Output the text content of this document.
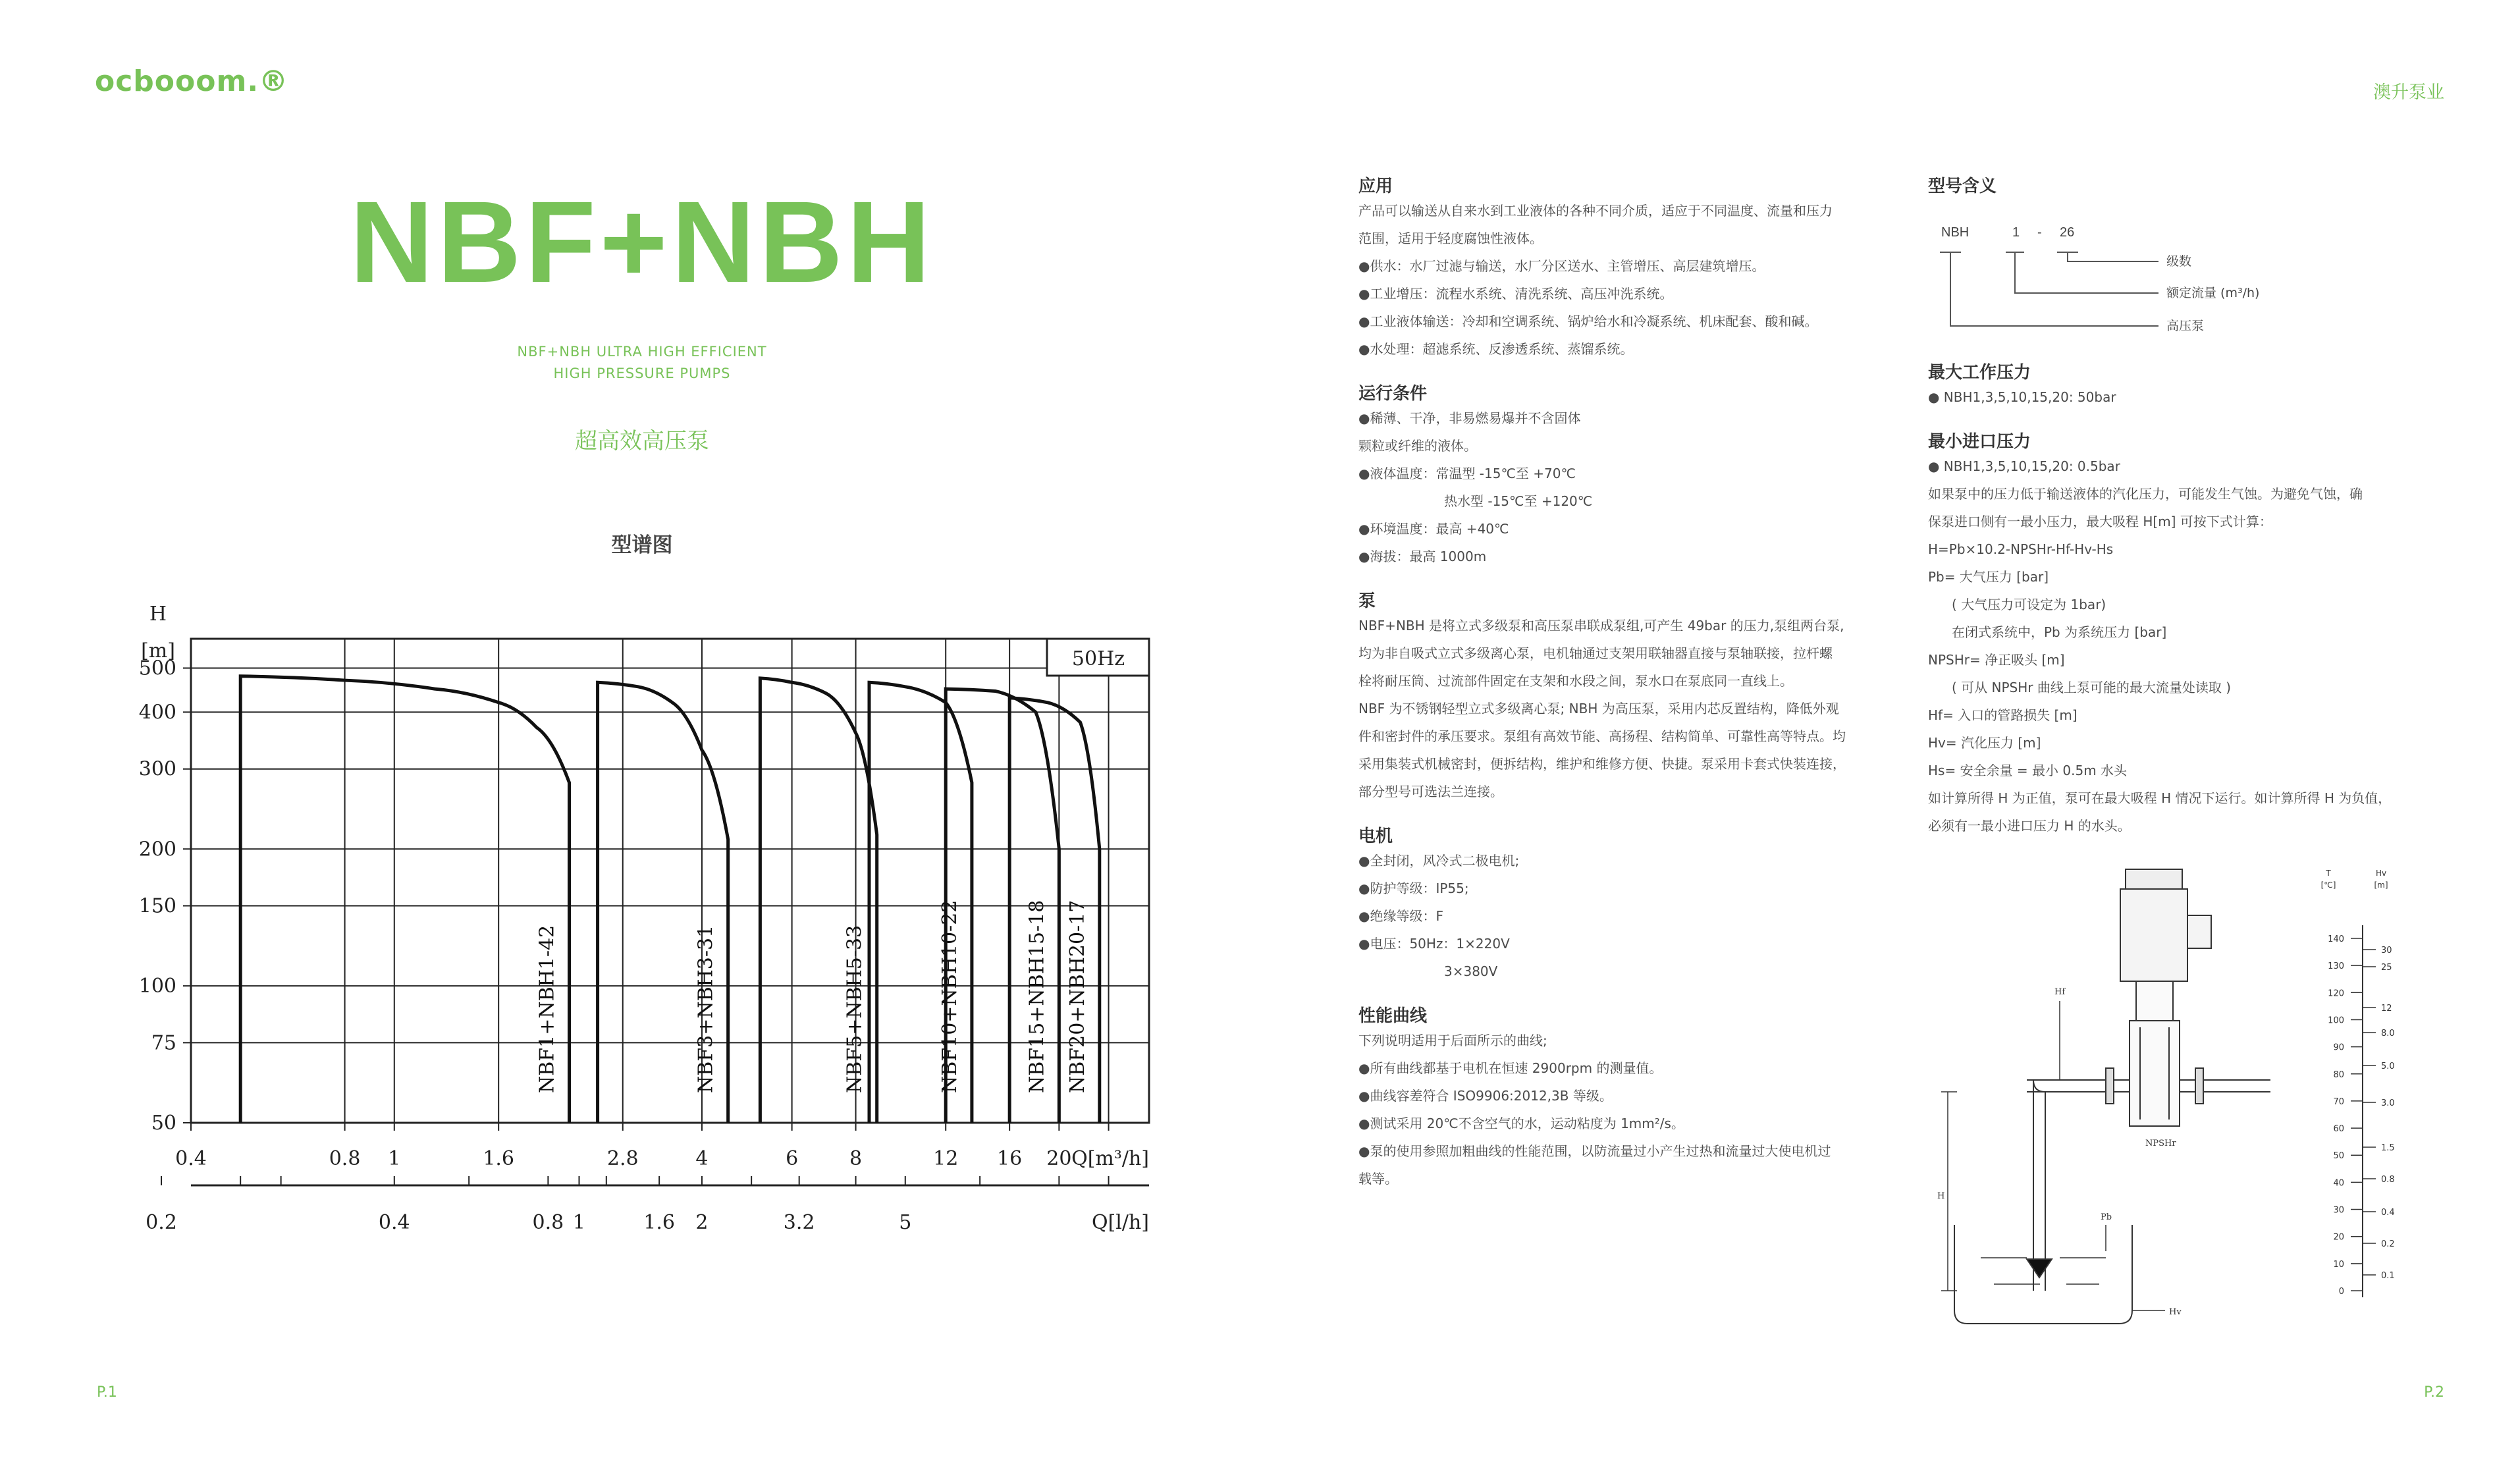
ocbooom.®	澳升泵业
P.1	P.2
NBF+NBH
NBF+NBH ULTRA HIGH EFFICIENT
HIGH PRESSURE PUMPS
超高效高压泵
型谱图
50
75
100
150
200
300
400
500
0.4	0.8 1	1.6	2.8	4	6	8	12 16 20 Q[m³/h]
H
[m]	50Hz
0.2	0.4	0.8 1	1.6 2	3.2	5	Q[l/h]
NBF1+NBH1-42	NBF3+NBH3-31	NBF5+NBH5-33	NBF10+NBH10-22	NBF15+NBH15-18 NBF20+NBH20-17
应用
产品可以输送从自来水到工业液体的各种不同介质，适应于不同温度、流量和压力
范围，适用于轻度腐蚀性液体。
●供水：水厂过滤与输送，水厂分区送水、主管增压、高层建筑增压。
●工业增压：流程水系统、清洗系统、高压冲洗系统。
●工业液体输送：冷却和空调系统、锅炉给水和冷凝系统、机床配套、酸和碱。
●水处理：超滤系统、反渗透系统、蒸馏系统。
运行条件
●稀薄、干净，非易燃易爆并不含固体
颗粒或纤维的液体。
●液体温度：常温型 -15℃至 +70℃
热水型 -15℃至 +120℃
●环境温度：最高 +40℃
●海拔：最高 1000m
泵
NBF+NBH 是将立式多级泵和高压泵串联成泵组,可产生 49bar 的压力,泵组两台泵,
均为非自吸式立式多级离心泵，电机轴通过支架用联轴器直接与泵轴联接，拉杆螺
栓将耐压筒、过流部件固定在支架和水段之间，泵水口在泵底同一直线上。
NBF 为不锈钢轻型立式多级离心泵; NBH 为高压泵，采用内芯反置结构，降低外观
件和密封件的承压要求。泵组有高效节能、高扬程、结构简单、可靠性高等特点。均
采用集装式机械密封，便拆结构，维护和维修方便、快捷。泵采用卡套式快装连接，
部分型号可选法兰连接。
电机
●全封闭，风冷式二极电机;
●防护等级：IP55;
●绝缘等级：F
●电压：50Hz：1×220V
3×380V
性能曲线
下列说明适用于后面所示的曲线;
●所有曲线都基于电机在恒速 2900rpm 的测量值。
●曲线容差符合 ISO9906:2012,3B 等级。
●测试采用 20℃不含空气的水，运动粘度为 1mm²/s。
●泵的使用参照加粗曲线的性能范围，以防流量过小产生过热和流量过大使电机过
载等。
型号含义
NBH	1 - 26
级数
额定流量 (m³/h)
高压泵
最大工作压力
● NBH1,3,5,10,15,20: 50bar
最小进口压力
● NBH1,3,5,10,15,20: 0.5bar
如果泵中的压力低于输送液体的汽化压力，可能发生气蚀。为避免气蚀，确
保泵进口侧有一最小压力，最大吸程 H[m] 可按下式计算：
H=Pb×10.2-NPSHr-Hf-Hv-Hs
Pb= 大气压力 [bar]
( 大气压力可设定为 1bar)
在闭式系统中，Pb 为系统压力 [bar]
NPSHr= 净正吸头 [m]
( 可从 NPSHr 曲线上泵可能的最大流量处读取 )
Hf= 入口的管路损失 [m]
Hv= 汽化压力 [m]
Hs= 安全余量 = 最小 0.5m 水头
如计算所得 H 为正值，泵可在最大吸程 H 情况下运行。如计算所得 H 为负值，
必须有一最小进口压力 H 的水头。
Hf
H
NPSHr
Pb
Hv
T
[℃]
Hv
[m]
140
130
120
100
90
80
70
60
50
40
30
20
10
0
30
25
12
8.0
5.0
3.0
1.5
0.8
0.4
0.2
0.1
